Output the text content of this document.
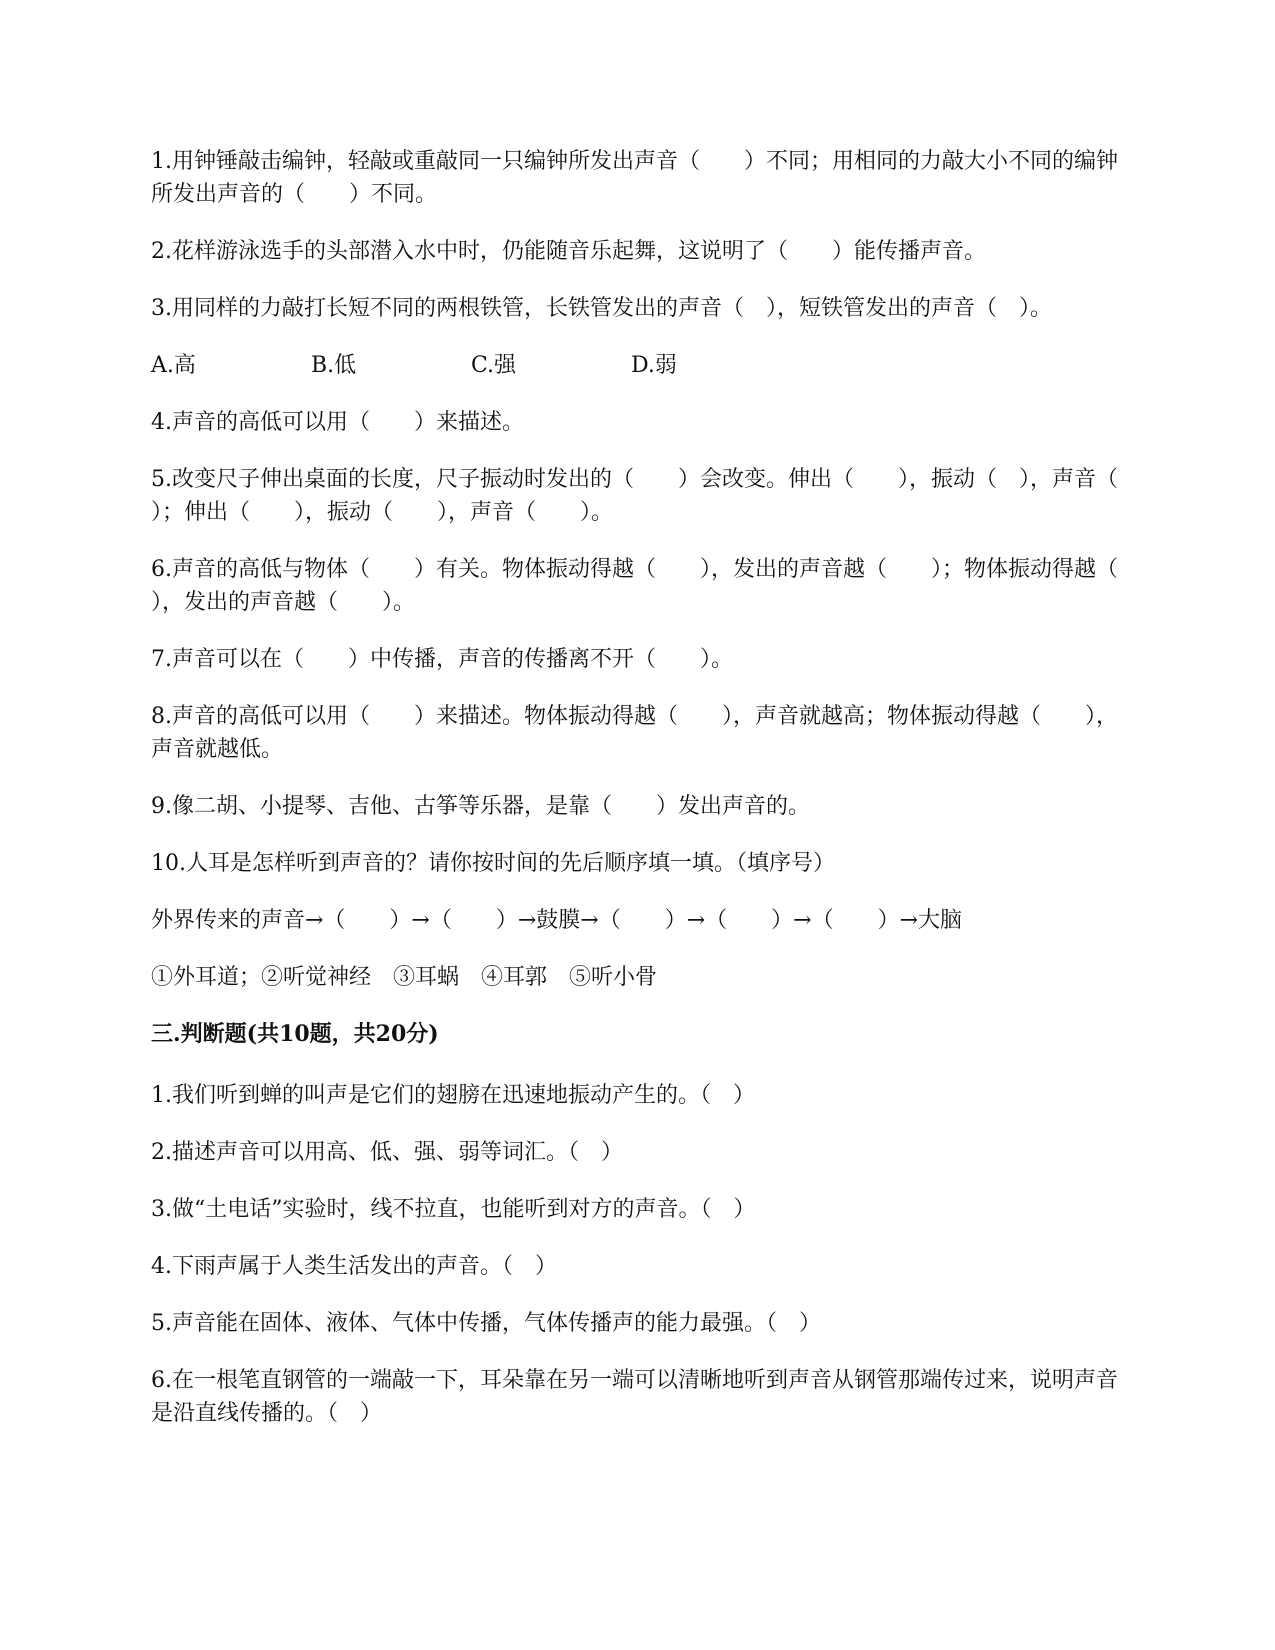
1.用钟锤敲击编钟，轻敲或重敲同一只编钟所发出声音（　　）不同；用相同的力敲大小不同的编钟所发出声音的（　　）不同。

2.花样游泳选手的头部潜入水中时，仍能随音乐起舞，这说明了（　　）能传播声音。

3.用同样的力敲打长短不同的两根铁管，长铁管发出的声音（　），短铁管发出的声音（　）。

A.高	B.低	C.强	D.弱

4.声音的高低可以用（　　）来描述。

5.改变尺子伸出桌面的长度，尺子振动时发出的（　　）会改变。伸出（　　），振动（　），声音（　　）；伸出（　　），振动（　　），声音（　　）。

6.声音的高低与物体（　　）有关。物体振动得越（　　），发出的声音越（　　）；物体振动得越（　　），发出的声音越（　　）。

7.声音可以在（　　）中传播，声音的传播离不开（　　）。

8.声音的高低可以用（　　）来描述。物体振动得越（　　），声音就越高；物体振动得越（　　），声音就越低。

9.像二胡、小提琴、吉他、古筝等乐器，是靠（　　）发出声音的。

10.人耳是怎样听到声音的？请你按时间的先后顺序填一填。（填序号）

外界传来的声音→（　　）→（　　）→鼓膜→（　　）→（　　）→（　　）→大脑

①外耳道；②听觉神经　③耳蜗　④耳郭　⑤听小骨

三.判断题(共10题，共20分)

1.我们听到蝉的叫声是它们的翅膀在迅速地振动产生的。（　）

2.描述声音可以用高、低、强、弱等词汇。（　）

3.做“土电话”实验时，线不拉直，也能听到对方的声音。（　）

4.下雨声属于人类生活发出的声音。（　）

5.声音能在固体、液体、气体中传播，气体传播声的能力最强。（　）

6.在一根笔直钢管的一端敲一下，耳朵靠在另一端可以清晰地听到声音从钢管那端传过来，说明声音是沿直线传播的。（　）
